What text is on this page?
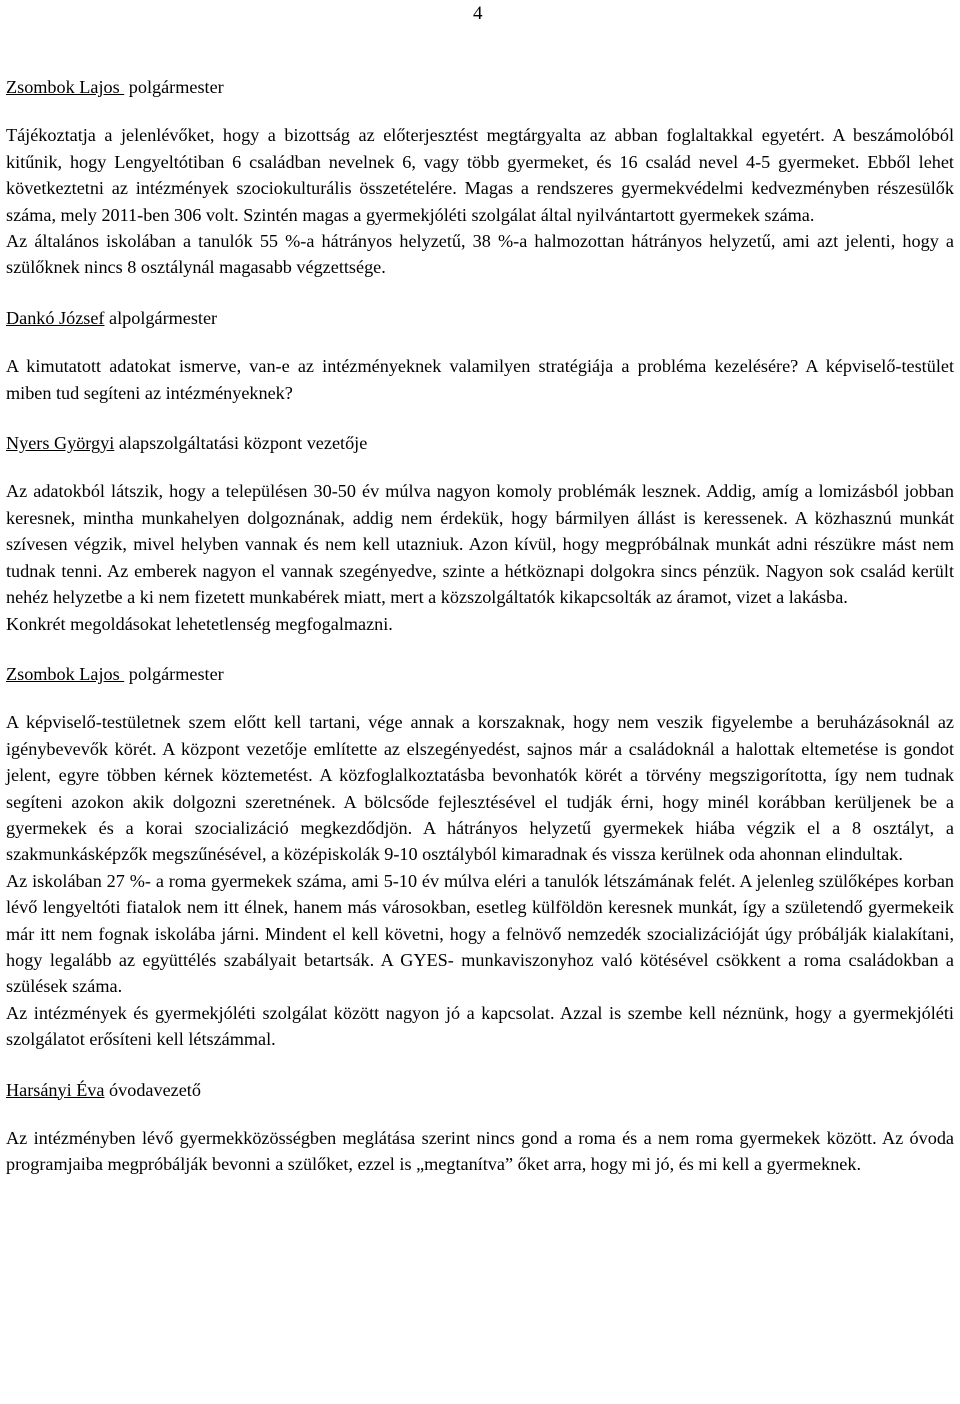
4

Zsombok Lajos  polgármester

Tájékoztatja a jelenlévőket, hogy a bizottság az előterjesztést megtárgyalta az abban foglaltakkal egyetért. A beszámolóból kitűnik, hogy Lengyeltótiban 6 családban nevelnek 6, vagy több gyermeket, és 16 család nevel 4-5 gyermeket. Ebből lehet következtetni az intézmények szociokulturális összetételére. Magas a rendszeres gyermekvédelmi kedvezményben részesülők száma, mely 2011-ben 306 volt. Szintén magas a gyermekjóléti szolgálat által nyilvántartott gyermekek száma.

Az általános iskolában a tanulók 55 %-a hátrányos helyzetű, 38 %-a halmozottan hátrányos helyzetű, ami azt jelenti, hogy a szülőknek nincs 8 osztálynál magasabb végzettsége.

Dankó József alpolgármester

A kimutatott adatokat ismerve, van-e az intézményeknek valamilyen stratégiája a probléma kezelésére? A képviselő-testület miben tud segíteni az intézményeknek?

Nyers Györgyi alapszolgáltatási központ vezetője

Az adatokból látszik, hogy a településen 30-50 év múlva nagyon komoly problémák lesznek. Addig, amíg a lomizásból jobban keresnek, mintha munkahelyen dolgoznának, addig nem érdekük, hogy bármilyen állást is keressenek. A közhasznú munkát szívesen végzik, mivel helyben vannak és nem kell utazniuk. Azon kívül, hogy megpróbálnak munkát adni részükre mást nem tudnak tenni. Az emberek nagyon el vannak szegényedve, szinte a hétköznapi dolgokra sincs pénzük. Nagyon sok család került nehéz helyzetbe a ki nem fizetett munkabérek miatt, mert a közszolgáltatók kikapcsolták az áramot, vizet a lakásba.

Konkrét megoldásokat lehetetlenség megfogalmazni.

Zsombok Lajos  polgármester

A képviselő-testületnek szem előtt kell tartani, vége annak a korszaknak, hogy nem veszik figyelembe a beruházásoknál az igénybevevők körét. A központ vezetője említette az elszegényedést, sajnos már a családoknál a halottak eltemetése is gondot jelent, egyre többen kérnek köztemetést. A közfoglalkoztatásba bevonhatók körét a törvény megszigorította, így nem tudnak segíteni azokon akik dolgozni szeretnének. A bölcsőde fejlesztésével el tudják érni, hogy minél korábban kerüljenek be a gyermekek és a korai szocializáció megkezdődjön. A hátrányos helyzetű gyermekek hiába végzik el a 8 osztályt, a szakmunkásképzők megszűnésével, a középiskolák 9-10 osztályból kimaradnak és vissza kerülnek oda ahonnan elindultak.

Az iskolában 27 %- a roma gyermekek száma, ami 5-10 év múlva eléri a tanulók létszámának felét. A jelenleg szülőképes korban lévő lengyeltóti fiatalok nem itt élnek, hanem más városokban, esetleg külföldön keresnek munkát, így a születendő gyermekeik már itt nem fognak iskolába járni. Mindent el kell követni, hogy a felnövő nemzedék szocializációját úgy próbálják kialakítani, hogy legalább az együttélés szabályait betartsák. A GYES- munkaviszonyhoz való kötésével csökkent a roma családokban a szülések száma.

Az intézmények és gyermekjóléti szolgálat között nagyon jó a kapcsolat. Azzal is szembe kell néznünk, hogy a gyermekjóléti szolgálatot erősíteni kell létszámmal.

Harsányi Éva óvodavezető

Az intézményben lévő gyermekközösségben meglátása szerint nincs gond a roma és a nem roma gyermekek között. Az óvoda programjaiba megpróbálják bevonni a szülőket, ezzel is „megtanítva” őket arra, hogy mi jó, és mi kell a gyermeknek.
